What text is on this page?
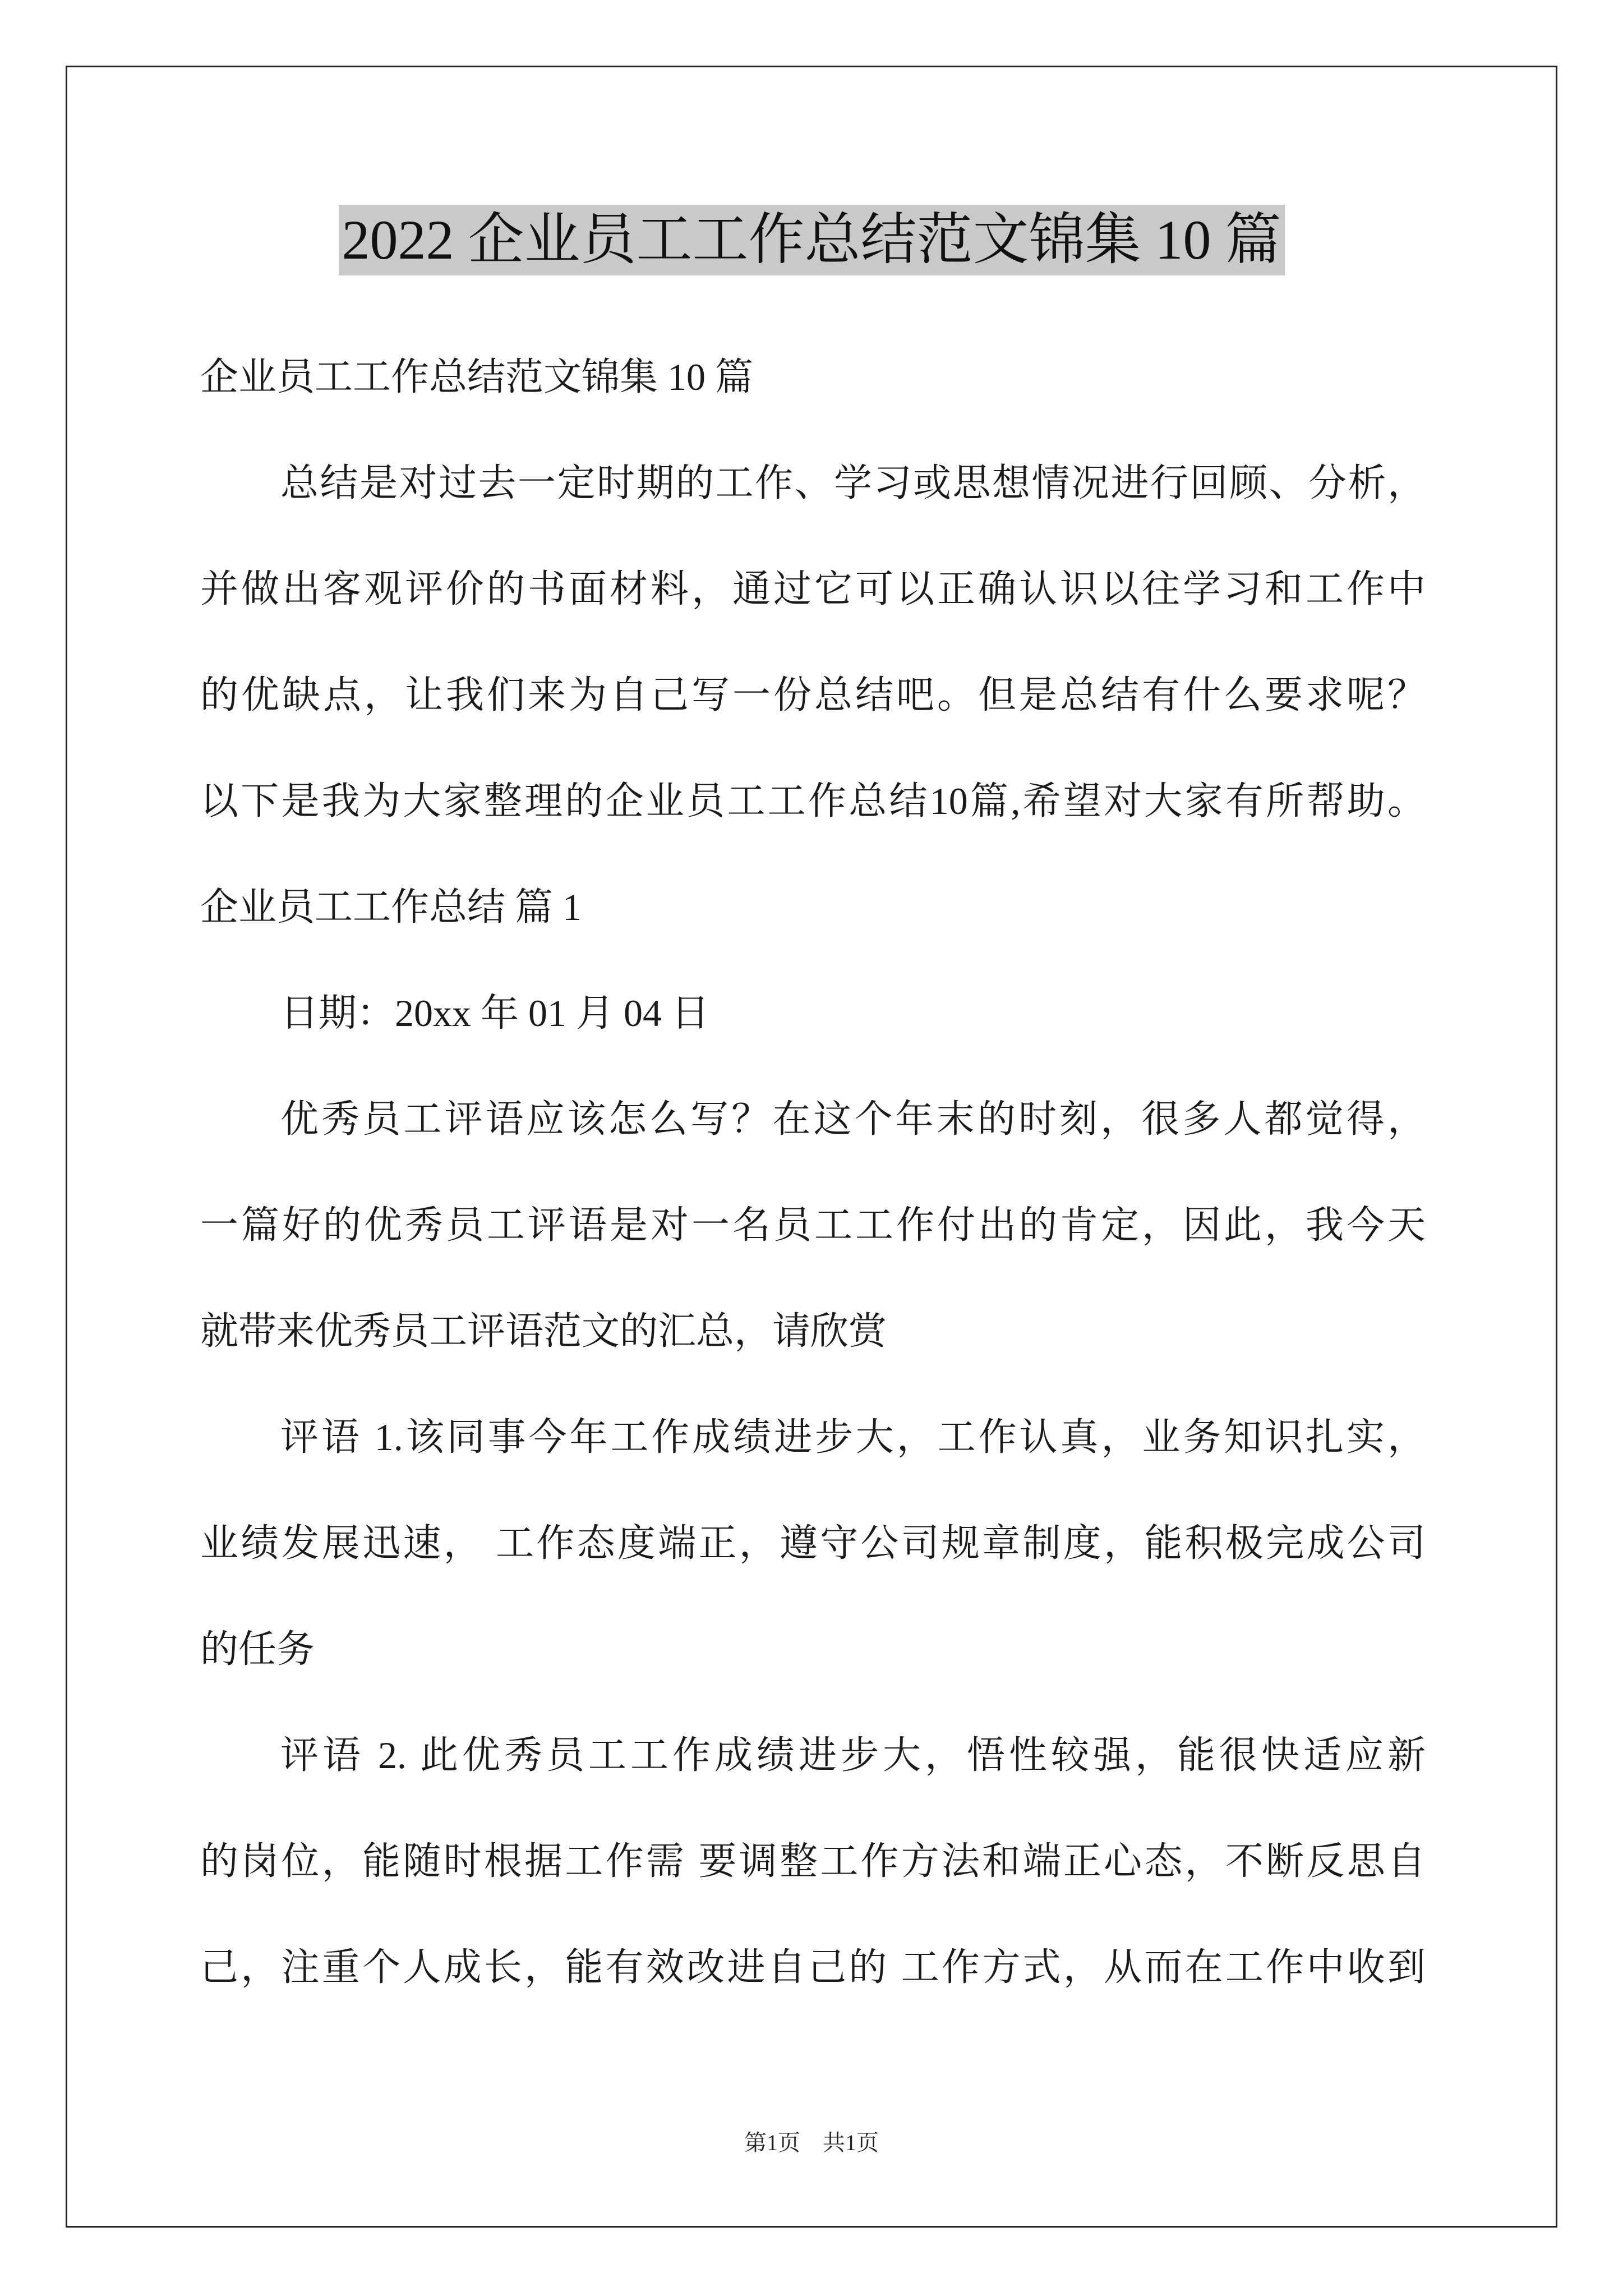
2022 企业员工工作总结范文锦集 10 篇
企业员工工作总结范文锦集 10 篇
总结是对过去一定时期的工作、学习或思想情况进行回顾、分析，
并做出客观评价的书面材料，通过它可以正确认识以往学习和工作中
的优缺点，让我们来为自己写一份总结吧。但是总结有什么要求呢？
以下是我为大家整理的企业员工工作总结10篇,希望对大家有所帮助。
企业员工工作总结 篇 1
日期：20xx 年 01 月 04 日
优秀员工评语应该怎么写？在这个年末的时刻，很多人都觉得，
一篇好的优秀员工评语是对一名员工工作付出的肯定，因此，我今天
就带来优秀员工评语范文的汇总，请欣赏
评语 1.该同事今年工作成绩进步大，工作认真，业务知识扎实，
业绩发展迅速， 工作态度端正，遵守公司规章制度，能积极完成公司
的任务
评语 2. 此优秀员工工作成绩进步大，悟性较强，能很快适应新
的岗位，能随时根据工作需 要调整工作方法和端正心态，不断反思自
己，注重个人成长，能有效改进自己的 工作方式，从而在工作中收到
第1页 共1页
